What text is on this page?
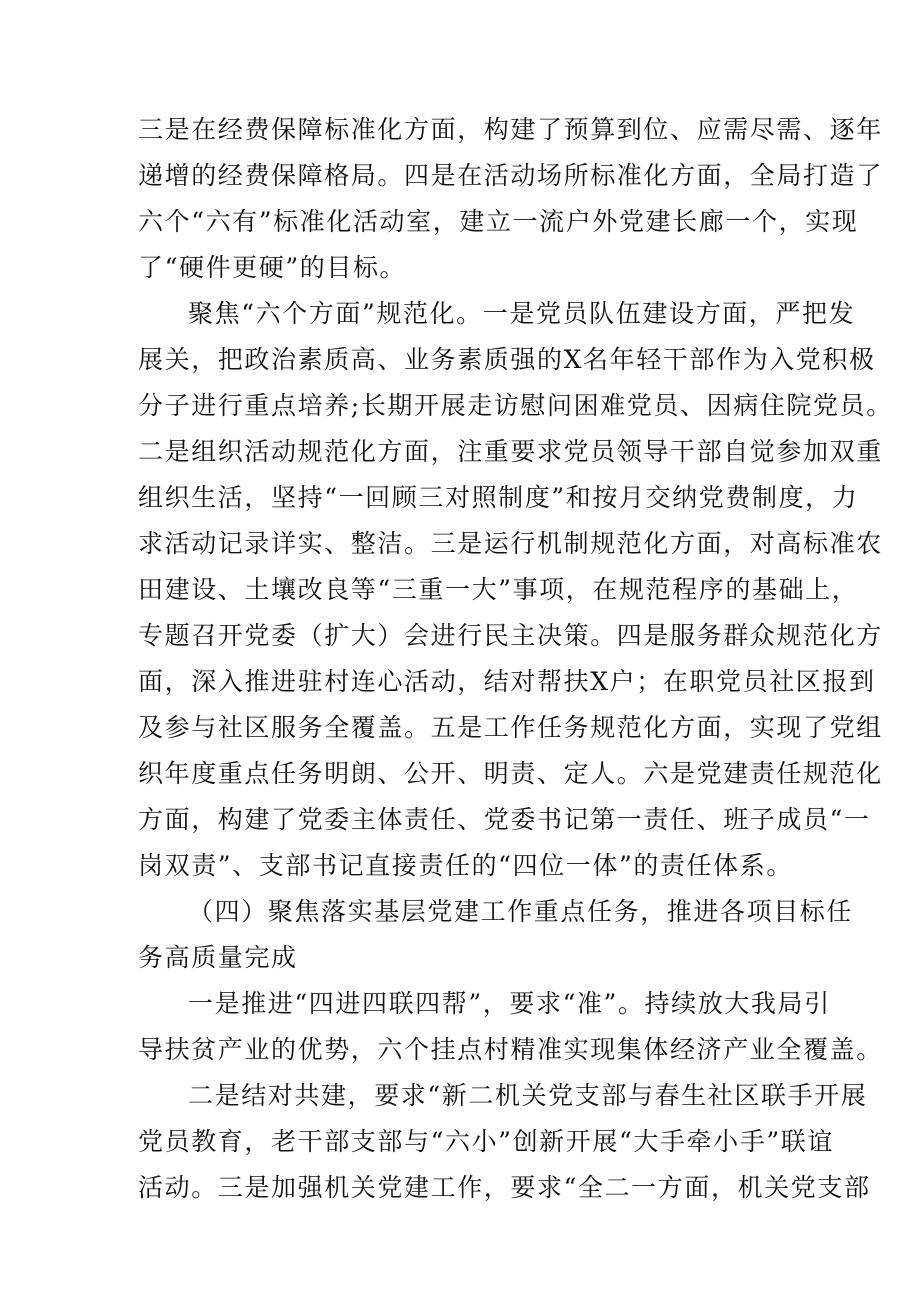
三是在经费保障标准化方面，构建了预算到位、应需尽需、逐年
递增的经费保障格局。四是在活动场所标准化方面，全局打造了
六个“六有”标准化活动室，建立一流户外党建长廊一个，实现
了“硬件更硬”的目标。
聚焦“六个方面”规范化。一是党员队伍建设方面，严把发
展关，把政治素质高、业务素质强的X名年轻干部作为入党积极
分子进行重点培养;长期开展走访慰问困难党员、因病住院党员。
二是组织活动规范化方面，注重要求党员领导干部自觉参加双重
组织生活，坚持“一回顾三对照制度”和按月交纳党费制度，力
求活动记录详实、整洁。三是运行机制规范化方面，对高标准农
田建设、土壤改良等“三重一大”事项，在规范程序的基础上，
专题召开党委（扩大）会进行民主决策。四是服务群众规范化方
面，深入推进驻村连心活动，结对帮扶X户；在职党员社区报到
及参与社区服务全覆盖。五是工作任务规范化方面，实现了党组
织年度重点任务明朗、公开、明责、定人。六是党建责任规范化
方面，构建了党委主体责任、党委书记第一责任、班子成员“一
岗双责”、支部书记直接责任的“四位一体”的责任体系。
（四）聚焦落实基层党建工作重点任务，推进各项目标任
务高质量完成
一是推进“四进四联四帮”，要求“准”。持续放大我局引
导扶贫产业的优势，六个挂点村精准实现集体经济产业全覆盖。
二是结对共建，要求“新二机关党支部与春生社区联手开展
党员教育，老干部支部与“六小”创新开展“大手牵小手”联谊
活动。三是加强机关党建工作，要求“全二一方面，机关党支部
